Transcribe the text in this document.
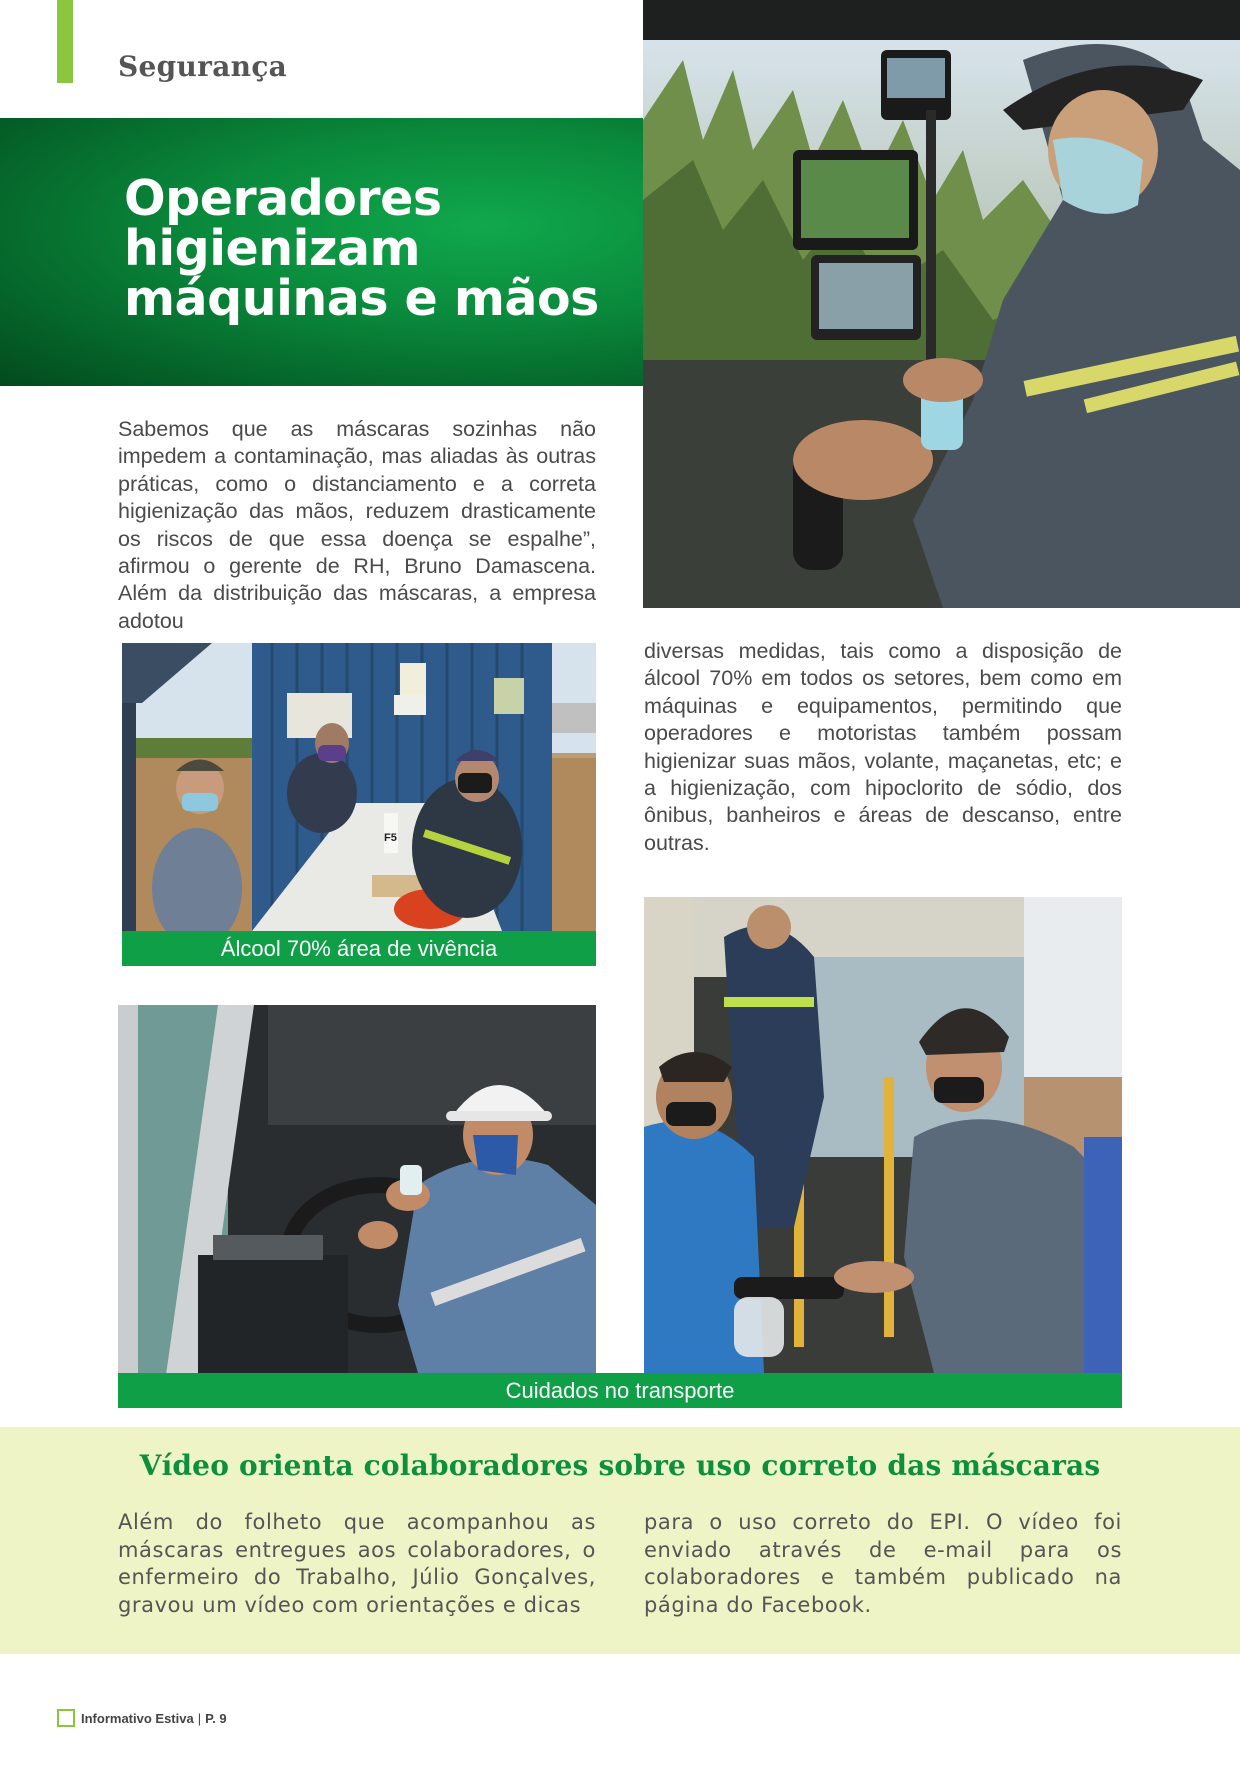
Segurança
Operadores higienizam máquinas e mãos

Sabemos que as máscaras sozinhas não impedem a contaminação, mas aliadas às outras práticas, como o distanciamento e a correta higienização das mãos, reduzem drasticamente os riscos de que essa doença se espalhe”, afirmou o gerente de RH, Bruno Damascena. Além da distribuição das máscaras, a empresa adotou

F5
Álcool 70% área de vivência

diversas medidas, tais como a disposição de álcool 70% em todos os setores, bem como em máquinas e equipamentos, permitindo que operadores e motoristas também possam higienizar suas mãos, volante, maçanetas, etc; e a higienização, com hipoclorito de sódio, dos ônibus, banheiros e áreas de descanso, entre outras.

Cuidados no transporte
Vídeo orienta colaboradores sobre uso correto das máscaras

Além do folheto que acompanhou as máscaras entregues aos colaboradores, o enfermeiro do Trabalho, Júlio Gonçalves, gravou um vídeo com orientações e dicas

para o uso correto do EPI. O vídeo foi enviado através de e-mail para os colaboradores e também publicado na página do Facebook.

Informativo Estiva | P. 9
